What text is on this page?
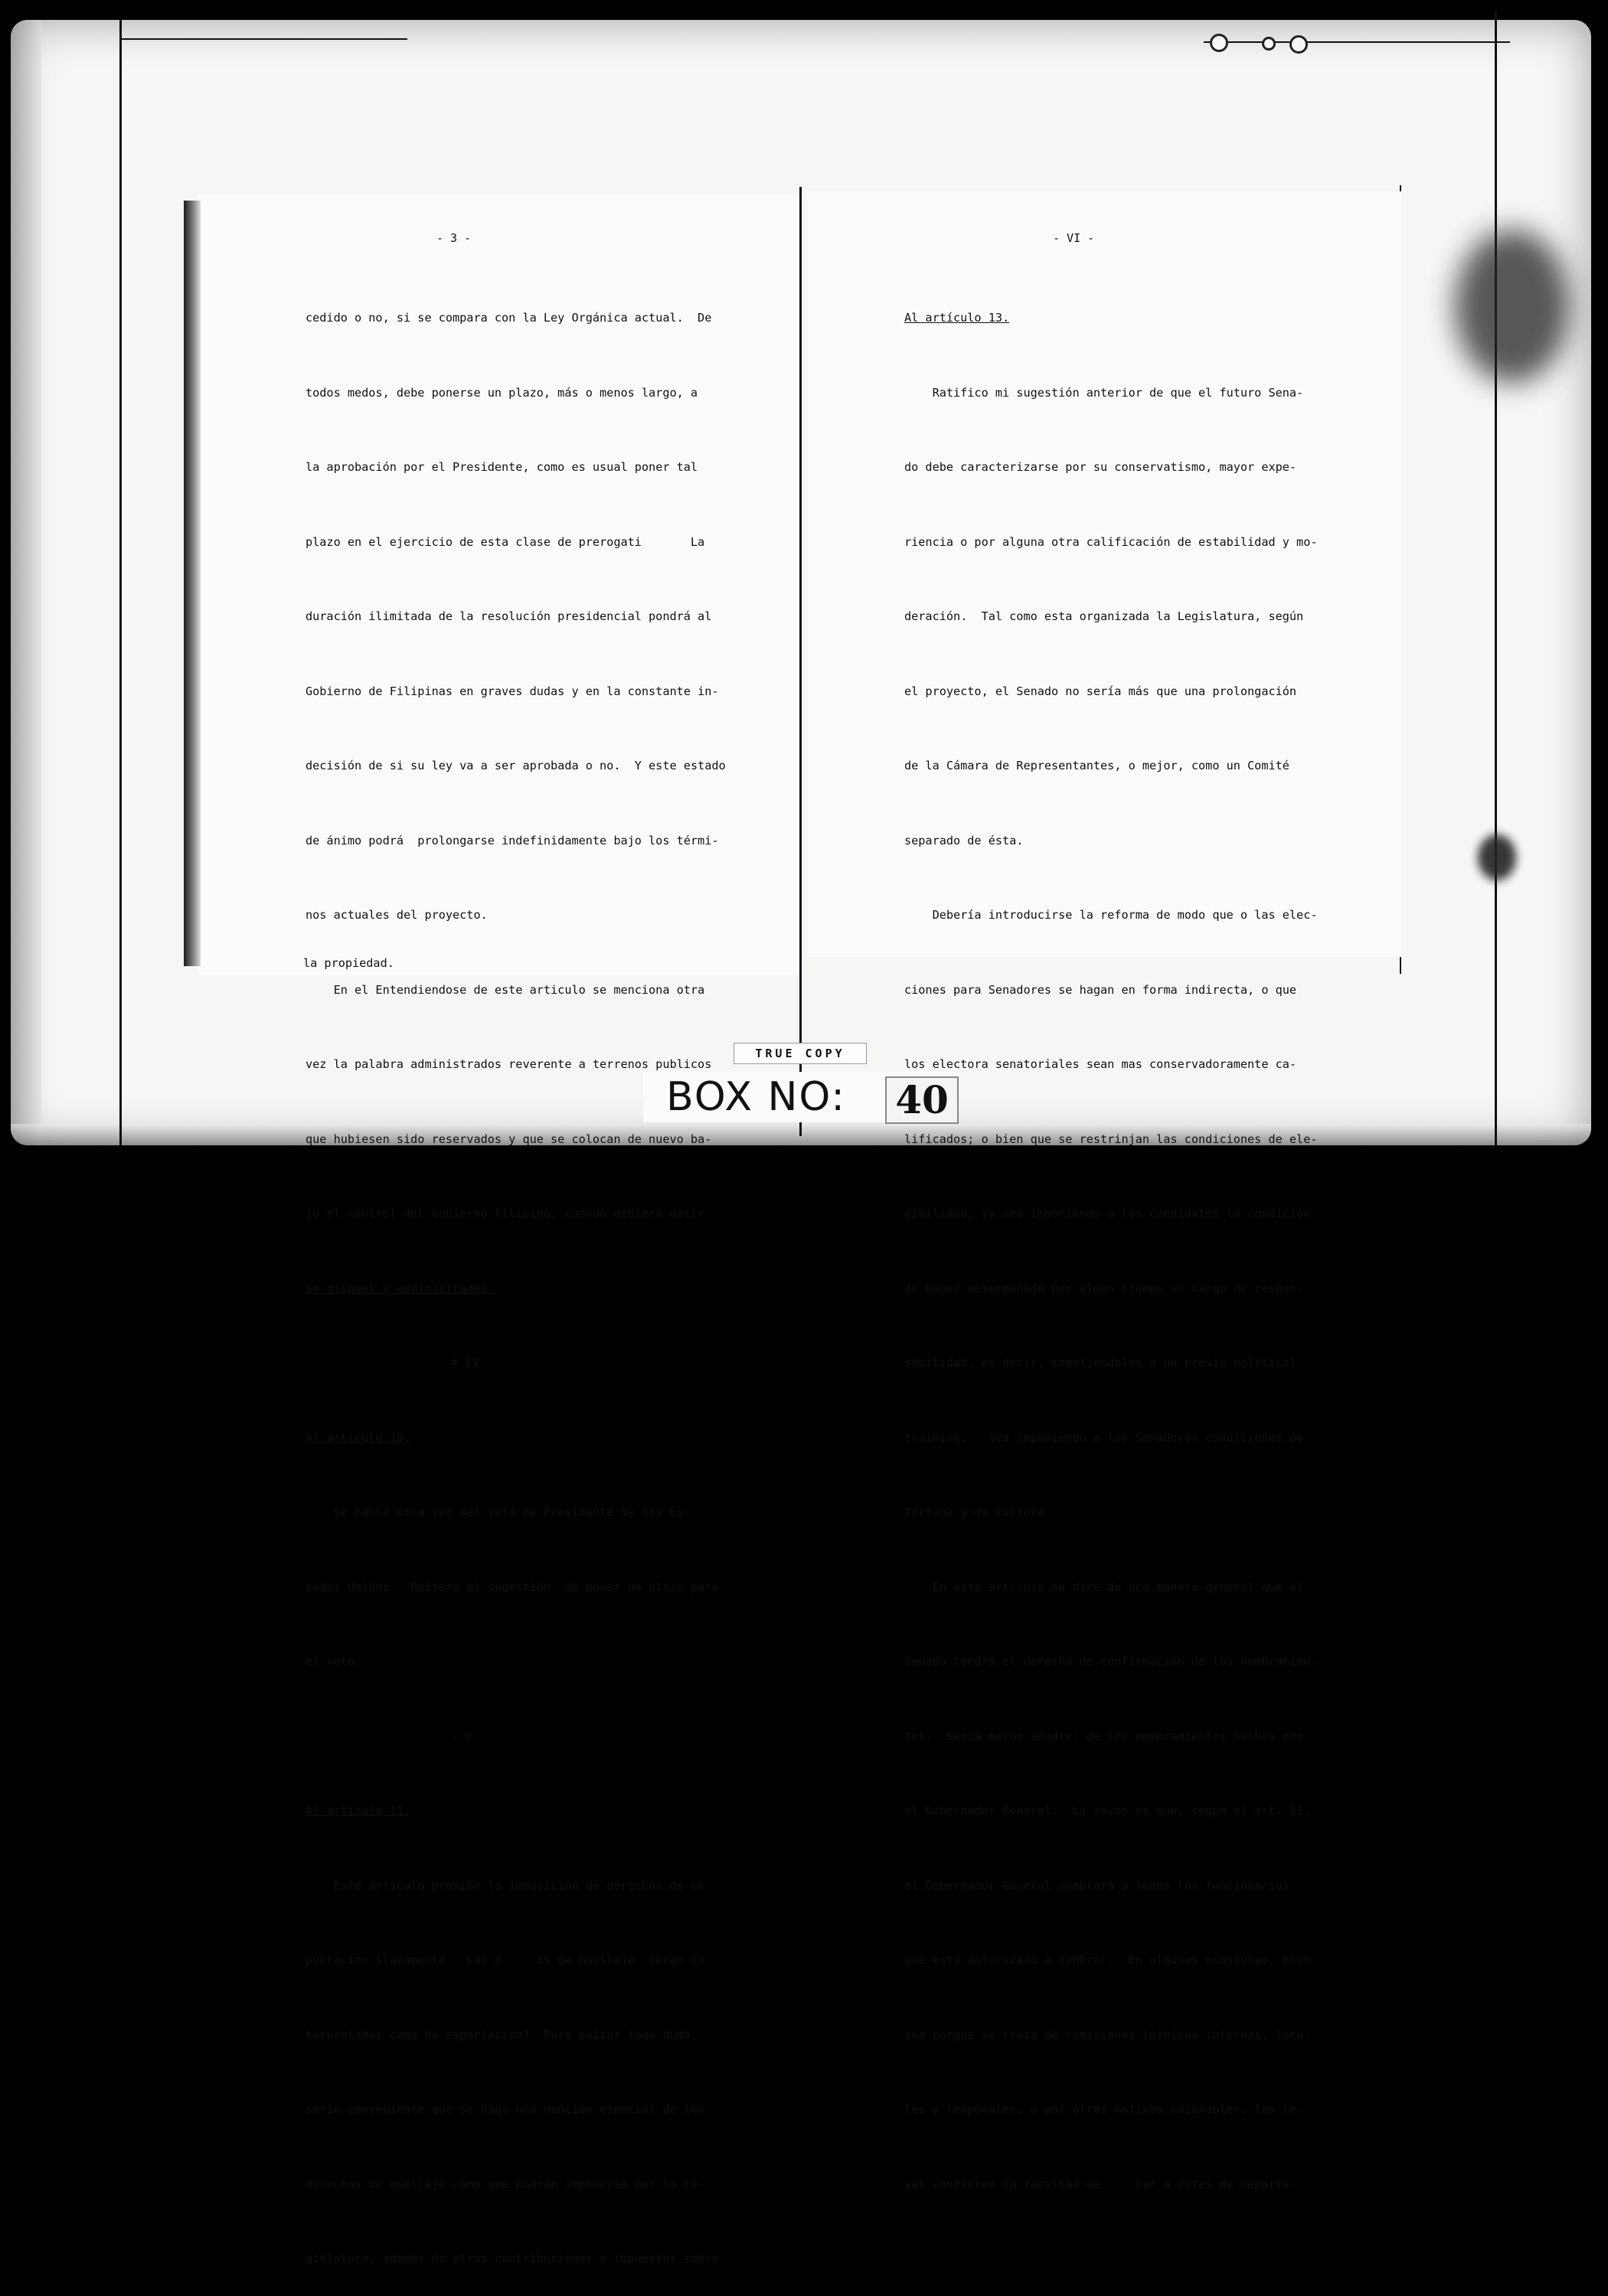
- 3 -	- VI -

cedido o no, si se compara con la Ley Orgánica actual.  De

todos medos, debe ponerse un plazo, más o menos largo, a

la aprobación por el Presidente, como es usual poner tal

plazo en el ejercicio de esta clase de prerogati       La

duración ilimitada de la resolución presidencial pondrá al

Gobierno de Filipinas en graves dudas y en la constante in-

decisión de si su ley va a ser aprobada o no.  Y este estado

de ánimo podrá  prolongarse indefinidamente bajo los térmi-

nos actuales del proyecto.

En el Entendiendose de este articulo se menciona otra

vez la palabra administrados reverente a terrenos publicos

que hubiesen sido reservados y que se colocan de nuevo ba-

jo el control del Gobierno Filipino, cuando debiera decir-

se dispues y administrados.

# IV -

Al articulo 10.

Se habla otra vez del veto de Presidente de los Es-

tados Unidos.  Reitero mi sugestión  de poner un plazo para

el veto.

- V -

Al articulo 11.

Este artículo prohibe la imposición de derechos de ex-

portación llanamente.  Las d     os de muellaje  seran in-

terpretados como de exportacion?  Para evitar toda duda,

sería conveniente que se haga una mención especial de los

derechos de muellaje como que podran imponerse por la Le-

gislatura, además de otras contribuciones e impuestos sobre

la propiedad.

Al artículo 13.

Ratifico mi sugestión anterior de que el futuro Sena-

do debe caracterizarse por su conservatismo, mayor expe-

riencia o por alguna otra calificación de estabilidad y mo-

deración.  Tal como esta organizada la Legislatura, según

el proyecto, el Senado no sería más que una prolongación

de la Cámara de Representantes, o mejor, como un Comité

separado de ésta.

Debería introducirse la reforma de modo que o las elec-

ciones para Senadores se hagan en forma indirecta, o que

los electora senatoriales sean mas conservadoramente ca-

lificados; o bien que se restrinjan las condiciones de ele-

gibilidad, ya sea imponiendo a los candidatos la condición

de haber desempeñado por algun tiempo un cargo de respon-

sabilidad, es decir, sometiendoles a un previo political

training,   sea imponiendo a los Senadores condiciones de

fortuna y de cultura.

En este articulo se dice de una manera general que el

Senado tendrá el derecho de confirmación de los nombramien-

tos.  Sería mejor añadir: de los nombramientos hechos por

el Gobernador General.  La razon es que, segun el art. 21,

el Gobernador General nombrará a todos los funcionarios

que esta autorizado a nombrar.  En algunas ocasioneo, bien

sea porque se trata de comisiones técnicas internas, loca-

les y temporales, o por otras motivos razonables, las le-

yes confieren la facultad de     rar a Jefes de Departa-

TRUE COPY
BOX NO:	40
